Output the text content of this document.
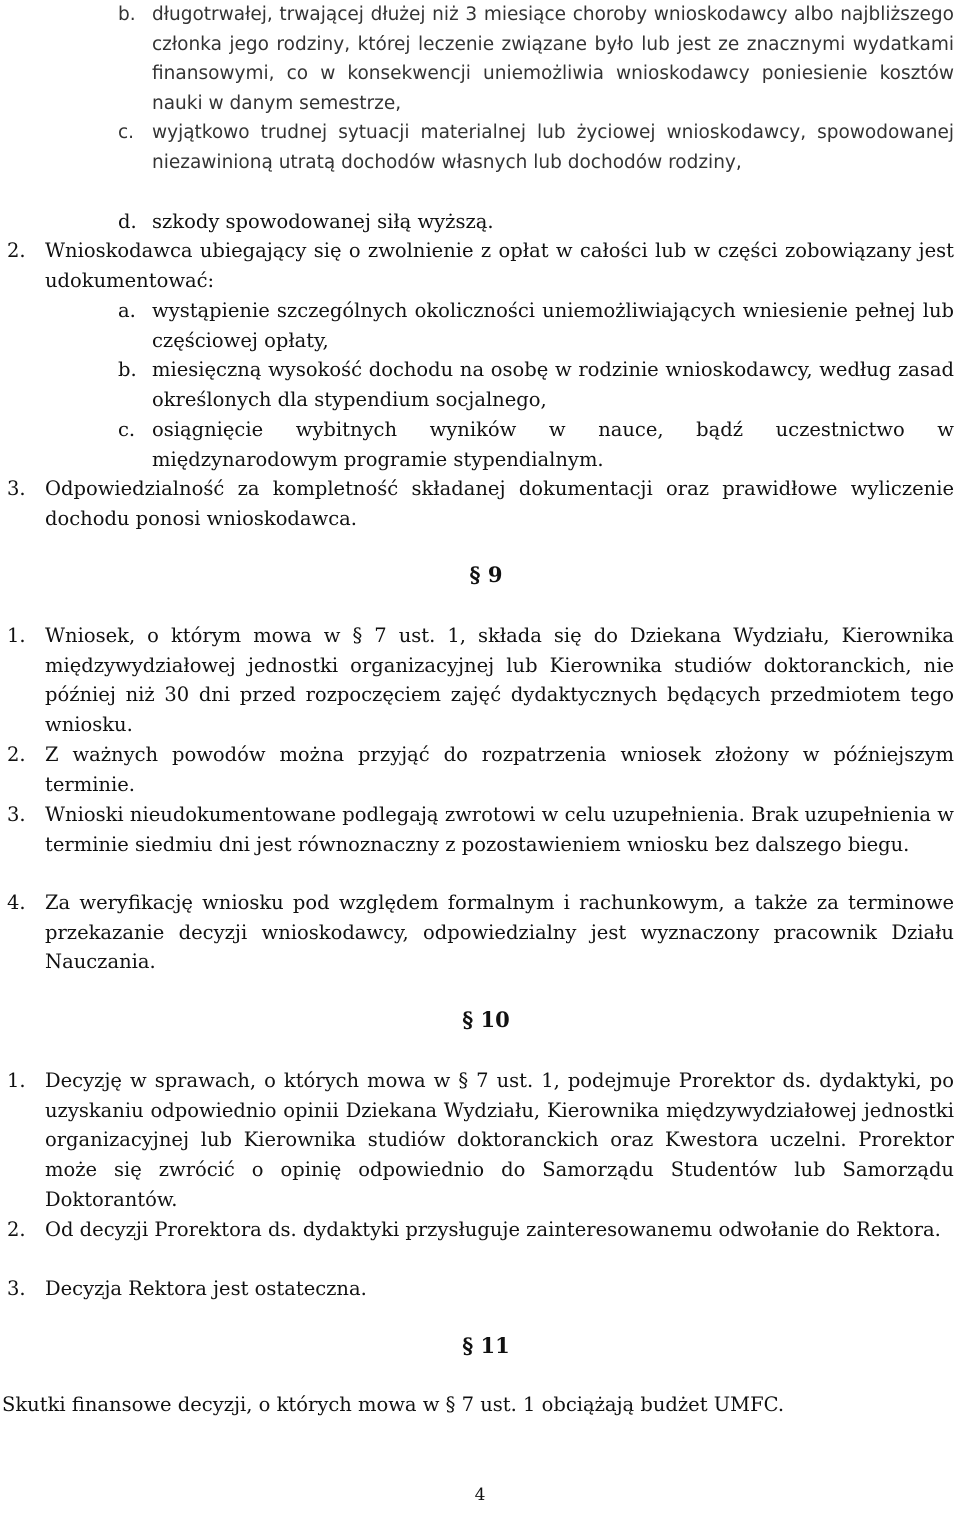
b. długotrwałej, trwającej dłużej niż 3 miesiące choroby wnioskodawcy albo najbliższego członka jego rodziny, której leczenie związane było lub jest ze znacznymi wydatkami finansowymi, co w konsekwencji uniemożliwia wnioskodawcy poniesienie kosztów nauki w danym semestrze,
c. wyjątkowo trudnej sytuacji materialnej lub życiowej wnioskodawcy, spowodowanej niezawinioną utratą dochodów własnych lub dochodów rodziny,
d. szkody spowodowanej siłą wyższą.
2. Wnioskodawca ubiegający się o zwolnienie z opłat w całości lub w części zobowiązany jest udokumentować:
a. wystąpienie szczególnych okoliczności uniemożliwiających wniesienie pełnej lub częściowej opłaty,
b. miesięczną wysokość dochodu na osobę w rodzinie wnioskodawcy, według zasad określonych dla stypendium socjalnego,
c. osiągnięcie wybitnych wyników w nauce, bądź uczestnictwo w międzynarodowym programie stypendialnym.
3. Odpowiedzialność za kompletność składanej dokumentacji oraz prawidłowe wyliczenie dochodu ponosi wnioskodawca.
§ 9
1. Wniosek, o którym mowa w § 7 ust. 1, składa się do Dziekana Wydziału, Kierownika międzywydziałowej jednostki organizacyjnej lub Kierownika studiów doktoranckich, nie później niż 30 dni przed rozpoczęciem zajęć dydaktycznych będących przedmiotem tego wniosku.
2. Z ważnych powodów można przyjąć do rozpatrzenia wniosek złożony w późniejszym terminie.
3. Wnioski nieudokumentowane podlegają zwrotowi w celu uzupełnienia. Brak uzupełnienia w terminie siedmiu dni jest równoznaczny z pozostawieniem wniosku bez dalszego biegu.
4. Za weryfikację wniosku pod względem formalnym i rachunkowym, a także za terminowe przekazanie decyzji wnioskodawcy, odpowiedzialny jest wyznaczony pracownik Działu Nauczania.
§ 10
1. Decyzję w sprawach, o których mowa w § 7 ust. 1, podejmuje Prorektor ds. dydaktyki, po uzyskaniu odpowiednio opinii Dziekana Wydziału, Kierownika międzywydziałowej jednostki organizacyjnej lub Kierownika studiów doktoranckich oraz Kwestora uczelni. Prorektor może się zwrócić o opinię odpowiednio do Samorządu Studentów lub Samorządu Doktorantów.
2. Od decyzji Prorektora ds. dydaktyki przysługuje zainteresowanemu odwołanie do Rektora.
3. Decyzja Rektora jest ostateczna.
§ 11
Skutki finansowe decyzji, o których mowa w § 7 ust. 1 obciążają budżet UMFC.
4
